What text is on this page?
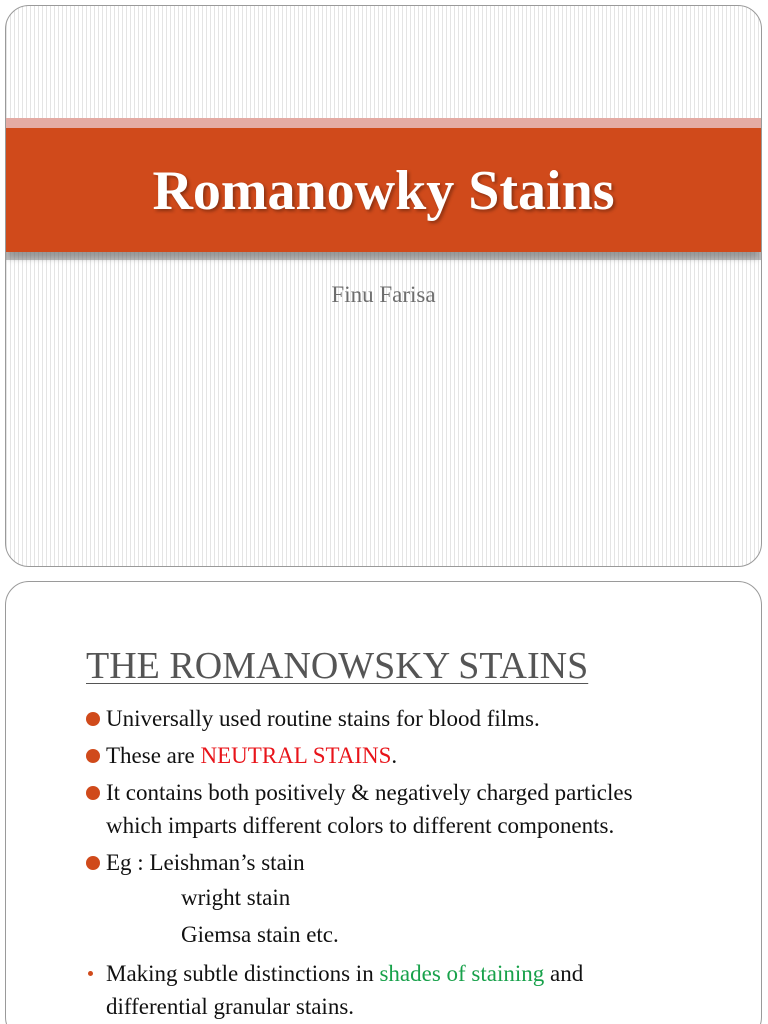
Romanowky Stains
Finu Farisa
THE ROMANOWSKY STAINS
Universally used routine stains for blood films.
These are NEUTRAL STAINS.
It contains both positively & negatively charged particles
which imparts different colors to different components.
Eg : Leishman’s stain
wright stain
Giemsa stain etc.
Making subtle distinctions in shades of staining and
differential granular stains.
